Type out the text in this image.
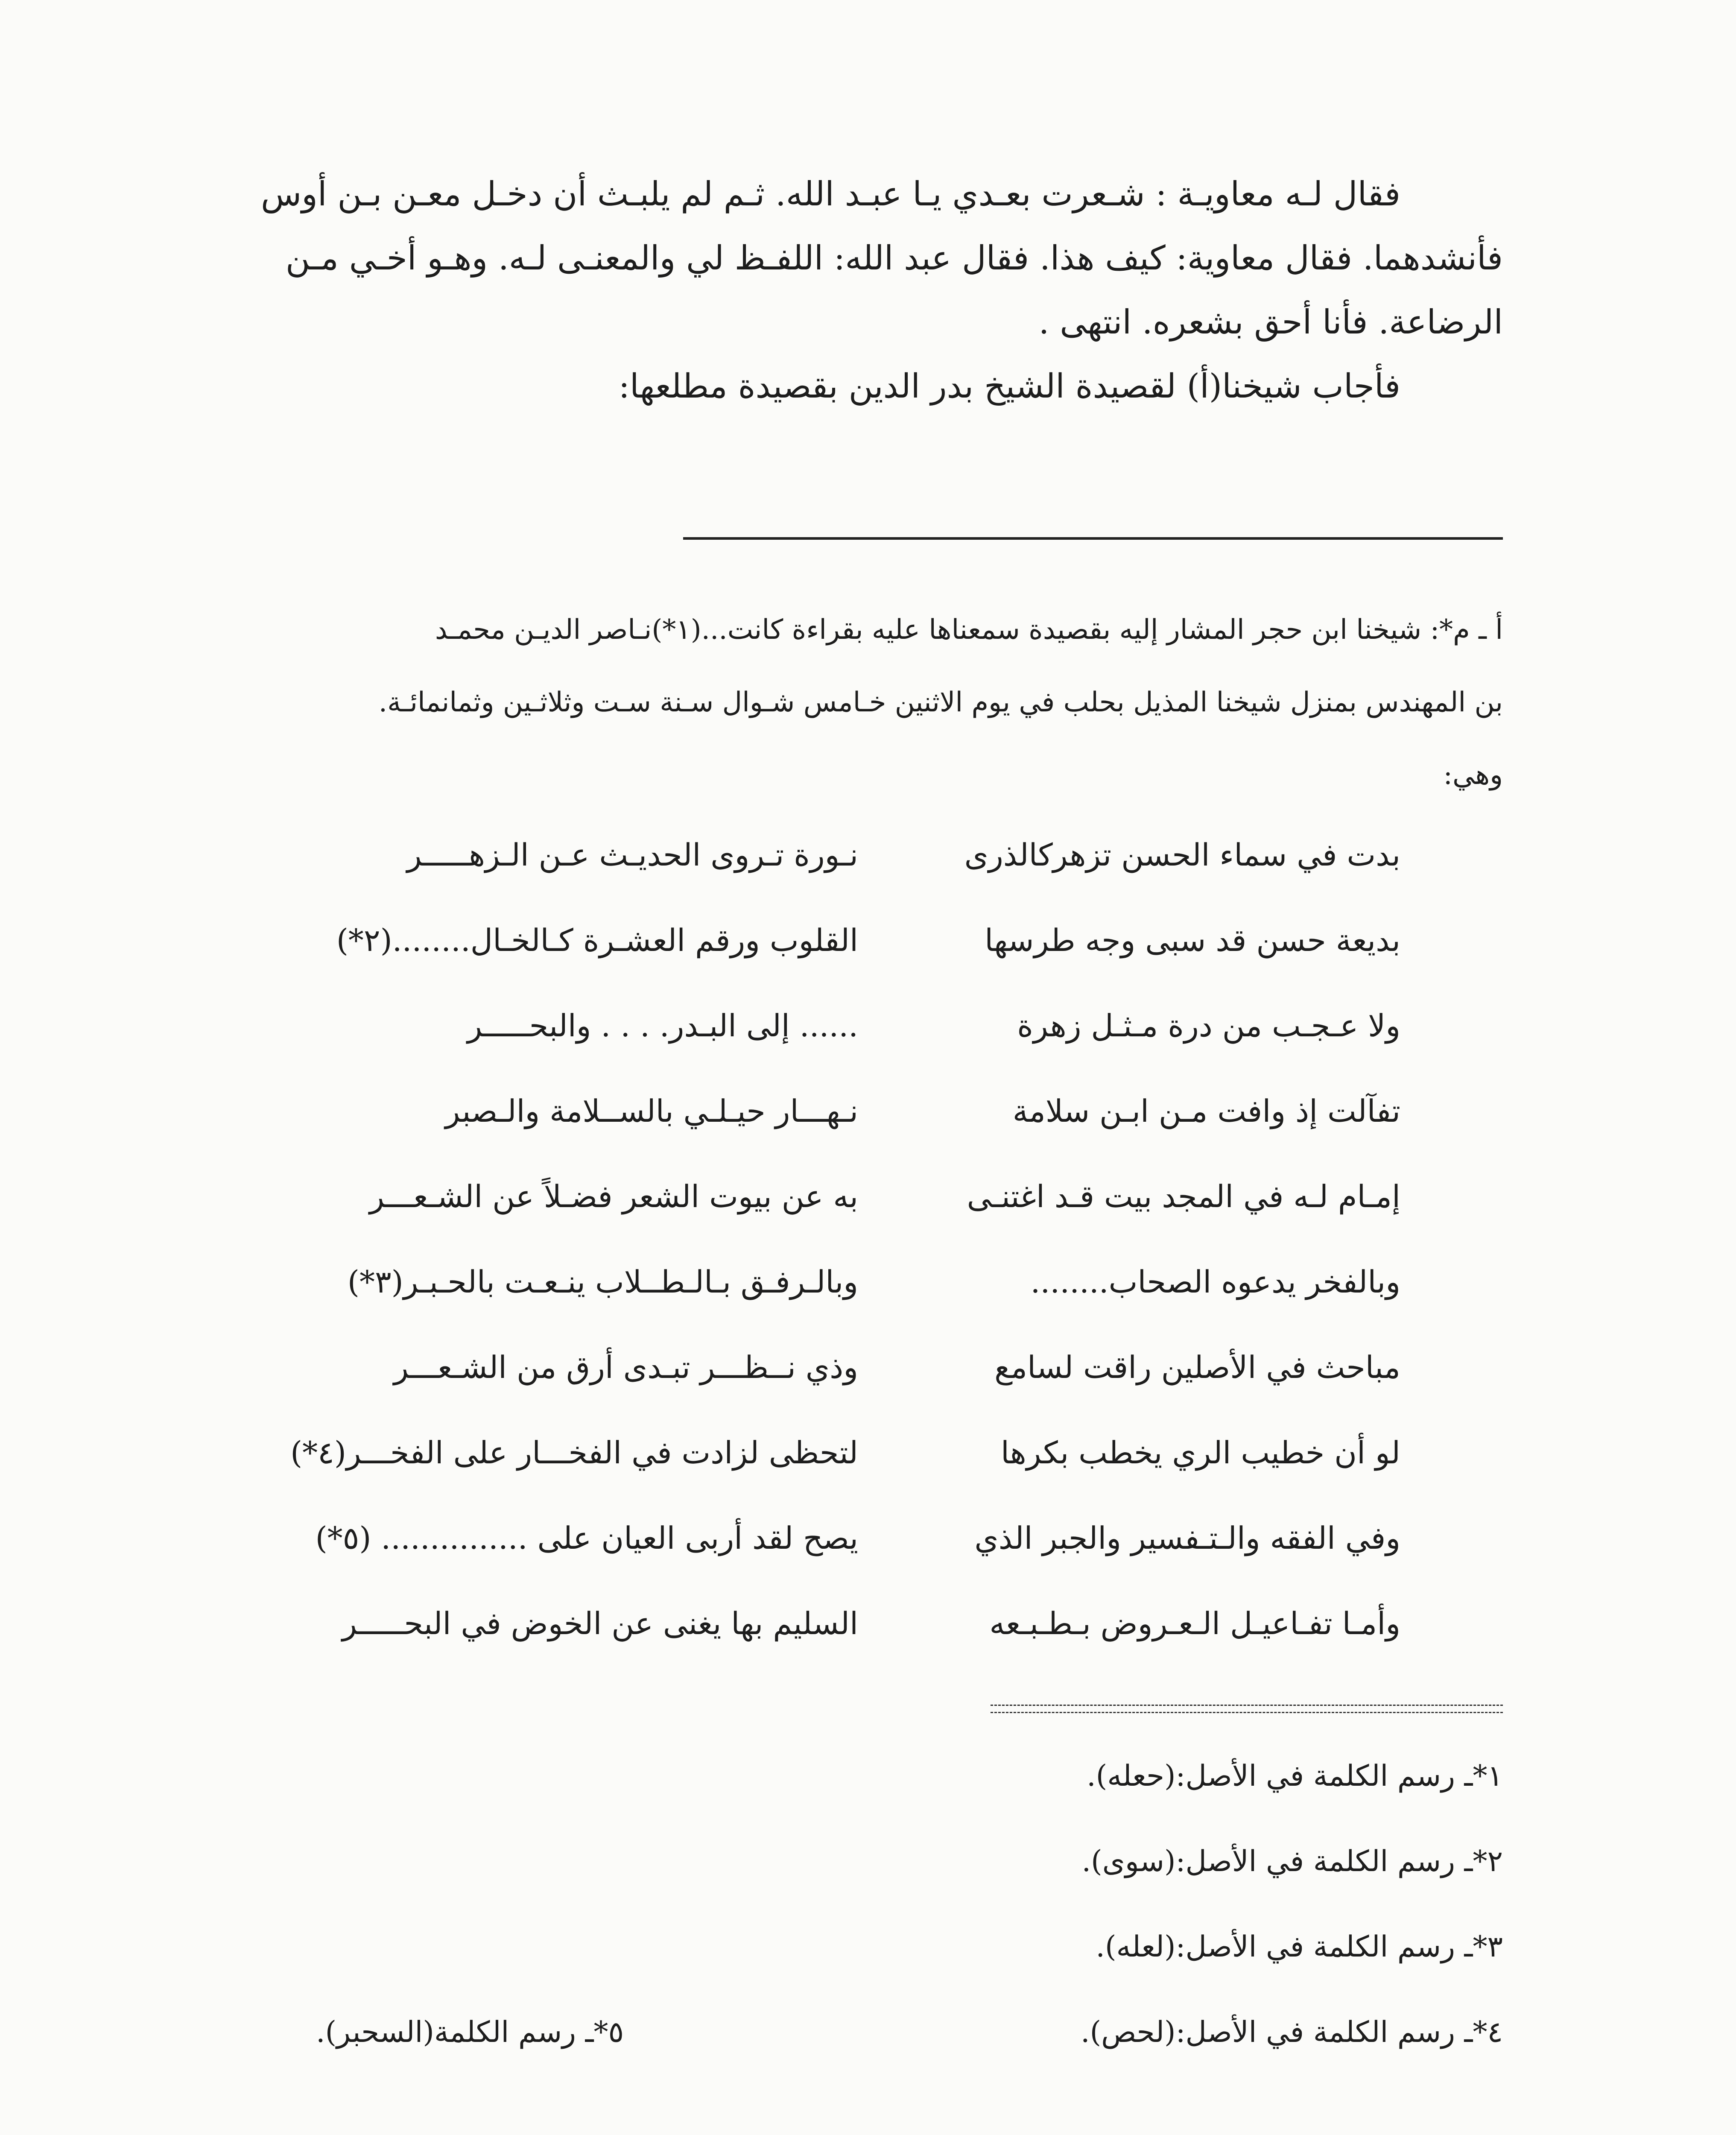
فقال لـه معاويـة : شـعرت بعـدي يـا عبـد الله. ثـم لم يلبـث أن دخـل معـن بـن أوس
فأنشدهما. فقال معاوية: كيف هذا. فقال عبد الله: اللفـظ لي والمعنـى لـه. وهـو أخـي مـن
الرضاعة. فأنا أحق بشعره. انتهى .
فأجاب شيخنا(أ) لقصيدة الشيخ بدر الدين بقصيدة مطلعها:
أ ـ م*: شيخنا ابن حجر المشار إليه بقصيدة سمعناها عليه بقراءة كانت...(١*)نـاصر الديـن محمـد
بن المهندس بمنزل شيخنا المذيل بحلب في يوم الاثنين خـامس شـوال سـنة سـت وثلاثـين وثمانمائـة.
وهي:
بدت في سماء الحسن تزهركالذرى
نـورة تـروى الحديـث عـن الـزهـــــر
بديعة حسن قد سبى وجه طرسها
القلوب ورقم العشـرة كـالخـال........(٢*)
ولا عـجـب من درة مـثـل زهرة
...... إلى البـدر. . . . والبحـــــر
تفآلت إذ وافت مـن ابـن سلامة
نـهـــار حيـلـي بالســلامة والـصبر
إمـام لـه في المجد بيت قـد اغتنـى
به عن بيوت الشعر فضـلاً عن الشـعـــر
وبالفخر يدعوه الصحاب........
وبالـرفـق بـالـطــلاب ينـعـت بالحـبـر(٣*)
مباحث في الأصلين راقت لسامع
وذي نــظـــر تبـدى أرق من الشـعـــر
لو أن خطيب الري يخطب بكرها
لتحظى لزادت في الفخـــار على الفخـــر(٤*)
وفي الفقه والـتـفسير والجبر الذي
يصح لقد أربى العيان على ............... (٥*)
وأمـا تفـاعيـل الـعـروض بـطـبـعه
السليم بها يغنى عن الخوض في البحـــــر
١*ـ رسم الكلمة في الأصل:(حعله).
٢*ـ رسم الكلمة في الأصل:(سوى).
٣*ـ رسم الكلمة في الأصل:(لعله).
٤*ـ رسم الكلمة في الأصل:(لحص).
٥*ـ رسم الكلمة(السحبر).
